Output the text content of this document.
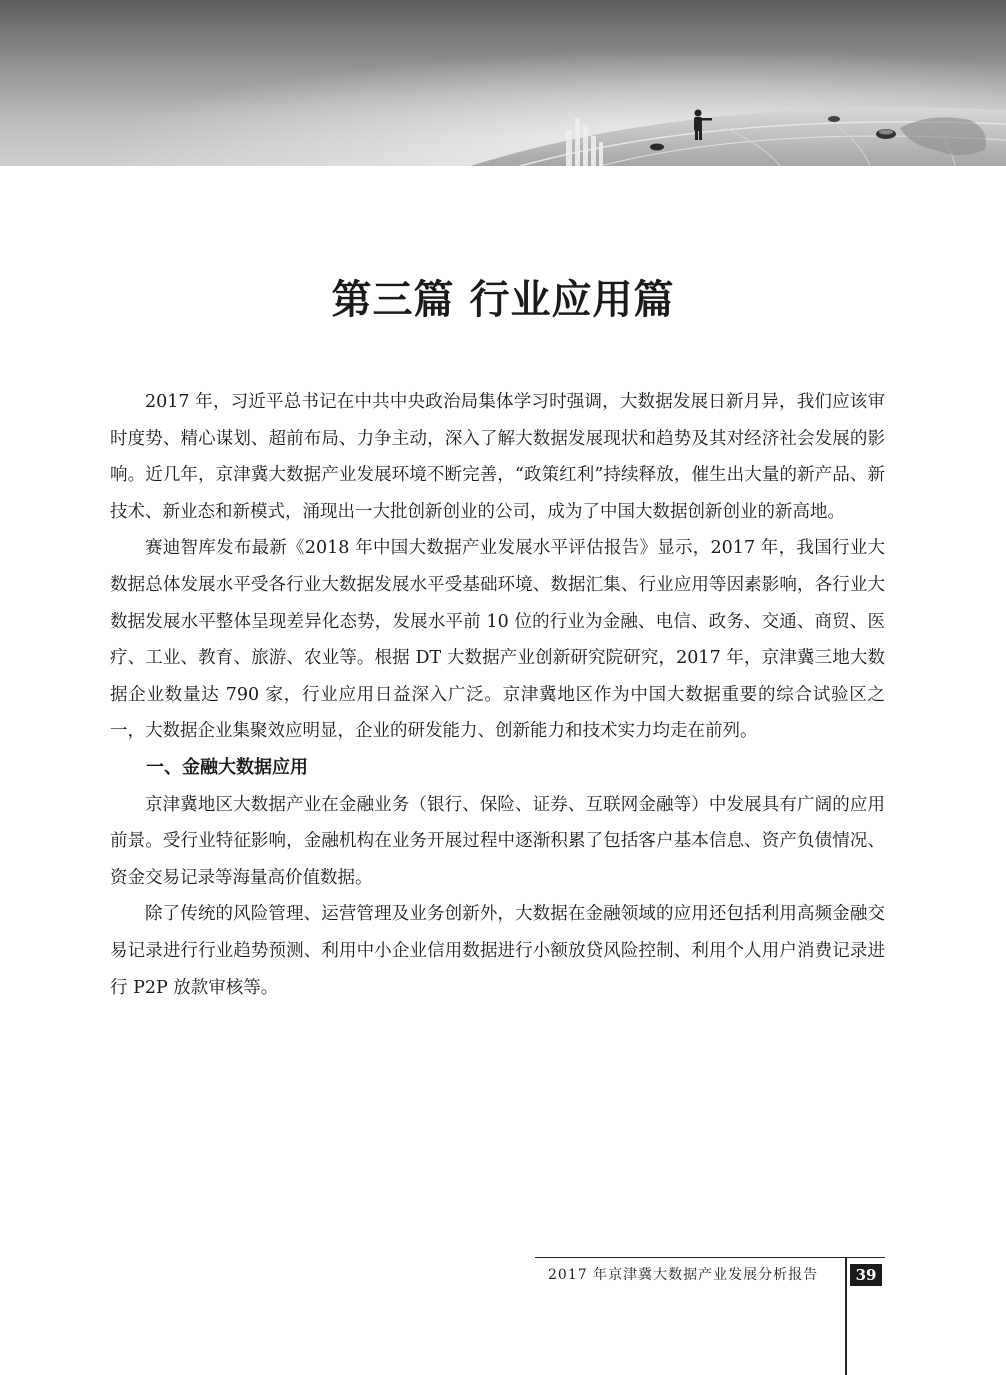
第三篇 行业应用篇

2017 年，习近平总书记在中共中央政治局集体学习时强调，大数据发展日新月异，我们应该审时度势、精心谋划、超前布局、力争主动，深入了解大数据发展现状和趋势及其对经济社会发展的影响。近几年，京津冀大数据产业发展环境不断完善，“政策红利”持续释放，催生出大量的新产品、新技术、新业态和新模式，涌现出一大批创新创业的公司，成为了中国大数据创新创业的新高地。

赛迪智库发布最新《2018 年中国大数据产业发展水平评估报告》显示，2017 年，我国行业大数据总体发展水平受各行业大数据发展水平受基础环境、数据汇集、行业应用等因素影响，各行业大数据发展水平整体呈现差异化态势，发展水平前 10 位的行业为金融、电信、政务、交通、商贸、医疗、工业、教育、旅游、农业等。根据 DT 大数据产业创新研究院研究，2017 年，京津冀三地大数据企业数量达 790 家，行业应用日益深入广泛。京津冀地区作为中国大数据重要的综合试验区之一，大数据企业集聚效应明显，企业的研发能力、创新能力和技术实力均走在前列。

一、金融大数据应用

京津冀地区大数据产业在金融业务（银行、保险、证券、互联网金融等）中发展具有广阔的应用前景。受行业特征影响，金融机构在业务开展过程中逐渐积累了包括客户基本信息、资产负债情况、资金交易记录等海量高价值数据。

除了传统的风险管理、运营管理及业务创新外，大数据在金融领域的应用还包括利用高频金融交易记录进行行业趋势预测、利用中小企业信用数据进行小额放贷风险控制、利用个人用户消费记录进行 P2P 放款审核等。

2017 年京津冀大数据产业发展分析报告	39
